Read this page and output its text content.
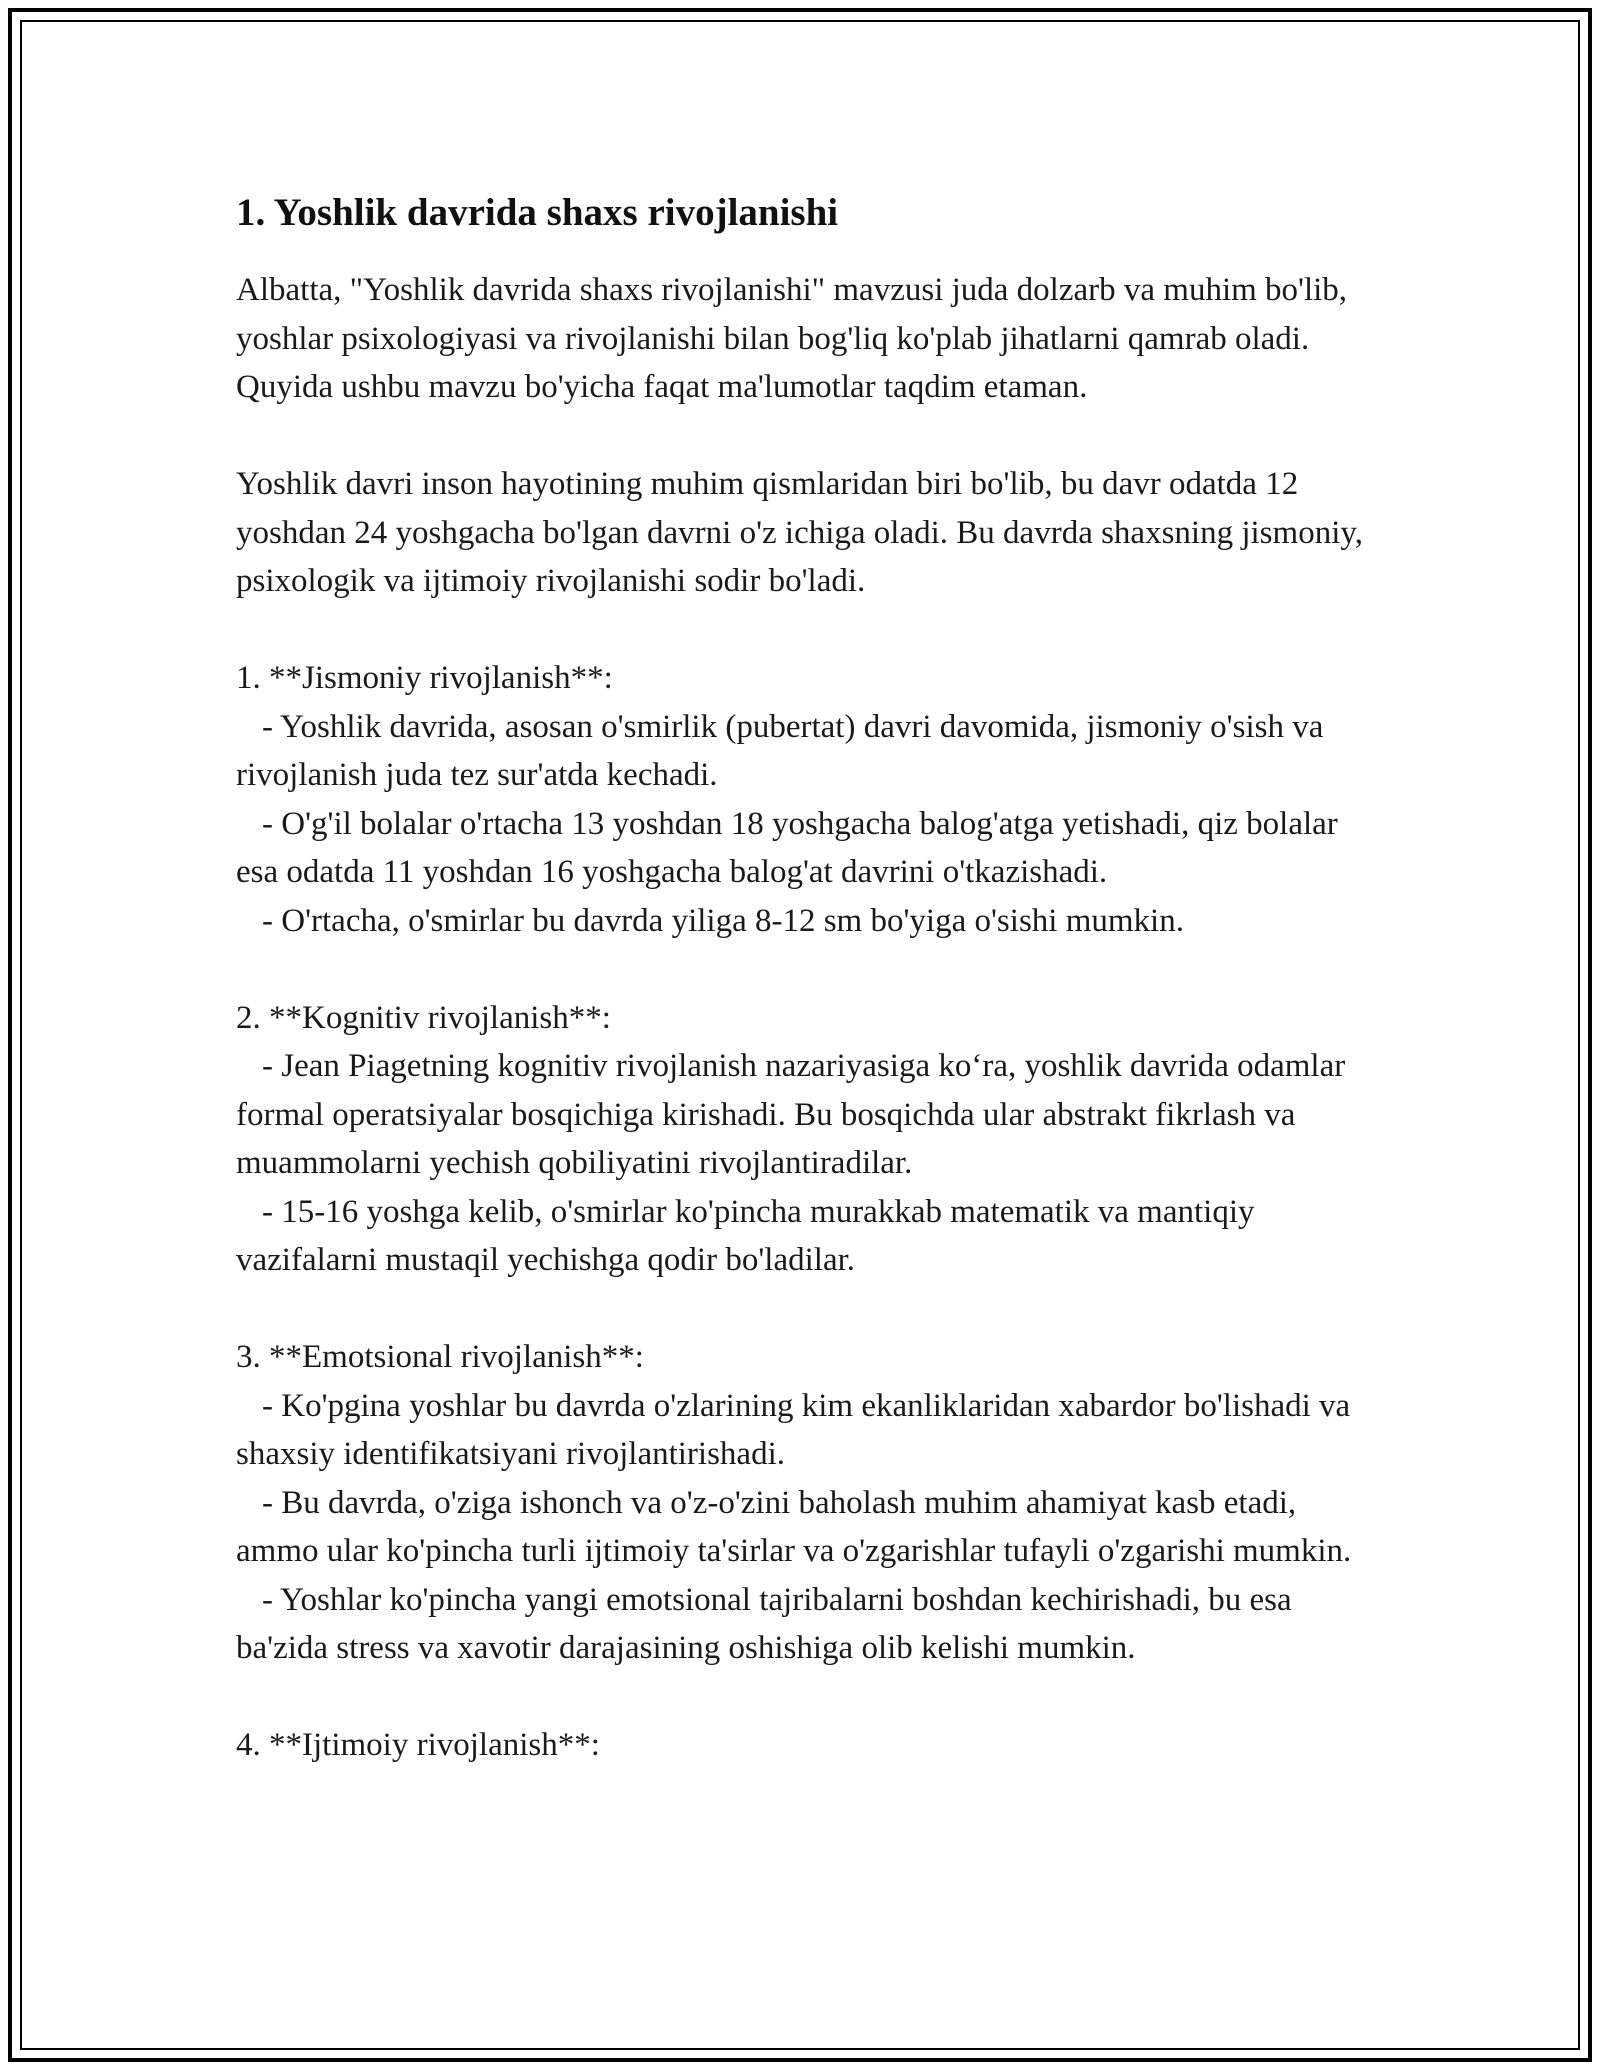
1. Yoshlik davrida shaxs rivojlanishi

Albatta, "Yoshlik davrida shaxs rivojlanishi" mavzusi juda dolzarb va muhim bo'lib, yoshlar psixologiyasi va rivojlanishi bilan bog'liq ko'plab jihatlarni qamrab oladi. Quyida ushbu mavzu bo'yicha faqat ma'lumotlar taqdim etaman.

Yoshlik davri inson hayotining muhim qismlaridan biri bo'lib, bu davr odatda 12 yoshdan 24 yoshgacha bo'lgan davrni o'z ichiga oladi. Bu davrda shaxsning jismoniy, psixologik va ijtimoiy rivojlanishi sodir bo'ladi.

1. **Jismoniy rivojlanish**:

- Yoshlik davrida, asosan o'smirlik (pubertat) davri davomida, jismoniy o'sish va rivojlanish juda tez sur'atda kechadi.

- O'g'il bolalar o'rtacha 13 yoshdan 18 yoshgacha balog'atga yetishadi, qiz bolalar esa odatda 11 yoshdan 16 yoshgacha balog'at davrini o'tkazishadi.

- O'rtacha, o'smirlar bu davrda yiliga 8-12 sm bo'yiga o'sishi mumkin.

2. **Kognitiv rivojlanish**:

- Jean Piagetning kognitiv rivojlanish nazariyasiga ko‘ra, yoshlik davrida odamlar formal operatsiyalar bosqichiga kirishadi. Bu bosqichda ular abstrakt fikrlash va muammolarni yechish qobiliyatini rivojlantiradilar.

- 15-16 yoshga kelib, o'smirlar ko'pincha murakkab matematik va mantiqiy vazifalarni mustaqil yechishga qodir bo'ladilar.

3. **Emotsional rivojlanish**:

- Ko'pgina yoshlar bu davrda o'zlarining kim ekanliklaridan xabardor bo'lishadi va shaxsiy identifikatsiyani rivojlantirishadi.

- Bu davrda, o'ziga ishonch va o'z-o'zini baholash muhim ahamiyat kasb etadi, ammo ular ko'pincha turli ijtimoiy ta'sirlar va o'zgarishlar tufayli o'zgarishi mumkin.

- Yoshlar ko'pincha yangi emotsional tajribalarni boshdan kechirishadi, bu esa ba'zida stress va xavotir darajasining oshishiga olib kelishi mumkin.

4. **Ijtimoiy rivojlanish**:
